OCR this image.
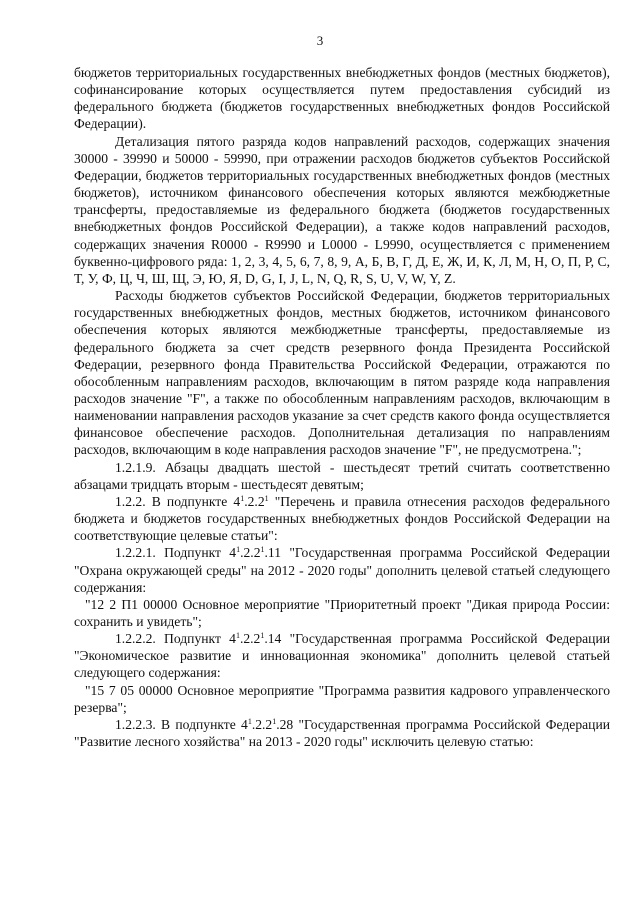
3

бюджетов территориальных государственных внебюджетных фондов (местных бюджетов), софинансирование которых осуществляется путем предоставления субсидий из федерального бюджета (бюджетов государственных внебюджетных фондов Российской Федерации).

Детализация пятого разряда кодов направлений расходов, содержащих значения 30000 - 39990 и 50000 - 59990, при отражении расходов бюджетов субъектов Российской Федерации, бюджетов территориальных государственных внебюджетных фондов (местных бюджетов), источником финансового обеспечения которых являются межбюджетные трансферты, предоставляемые из федерального бюджета (бюджетов государственных внебюджетных фондов Российской Федерации), а также кодов направлений расходов, содержащих значения R0000 - R9990 и L0000 - L9990, осуществляется с применением буквенно-цифрового ряда: 1, 2, 3, 4, 5, 6, 7, 8, 9, А, Б, В, Г, Д, Е, Ж, И, К, Л, М, Н, О, П, Р, С, Т, У, Ф, Ц, Ч, Ш, Щ, Э, Ю, Я, D, G, I, J, L, N, Q, R, S, U, V, W, Y, Z.

Расходы бюджетов субъектов Российской Федерации, бюджетов территориальных государственных внебюджетных фондов, местных бюджетов, источником финансового обеспечения которых являются межбюджетные трансферты, предоставляемые из федерального бюджета за счет средств резервного фонда Президента Российской Федерации, резервного фонда Правительства Российской Федерации, отражаются по обособленным направлениям расходов, включающим в пятом разряде кода направления расходов значение "F", а также по обособленным направлениям расходов, включающим в наименовании направления расходов указание за счет средств какого фонда осуществляется финансовое обеспечение расходов. Дополнительная детализация по направлениям расходов, включающим в коде направления расходов значение "F", не предусмотрена.";

1.2.1.9. Абзацы двадцать шестой - шестьдесят третий считать соответственно абзацами тридцать вторым - шестьдесят девятым;

1.2.2. В подпункте $4^1.2.2^1$ "Перечень и правила отнесения расходов федерального бюджета и бюджетов государственных внебюджетных фондов Российской Федерации на соответствующие целевые статьи":

1.2.2.1. Подпункт $4^1.2.2^1.11$ "Государственная программа Российской Федерации "Охрана окружающей среды" на 2012 - 2020 годы" дополнить целевой статьей следующего содержания:

"12 2 П1 00000 Основное мероприятие "Приоритетный проект "Дикая природа России: сохранить и увидеть";

1.2.2.2. Подпункт $4^1.2.2^1.14$ "Государственная программа Российской Федерации "Экономическое развитие и инновационная экономика" дополнить целевой статьей следующего содержания:

"15 7 05 00000 Основное мероприятие "Программа развития кадрового управленческого резерва";

1.2.2.3. В подпункте $4^1.2.2^1.28$ "Государственная программа Российской Федерации "Развитие лесного хозяйства" на 2013 - 2020 годы" исключить целевую статью:
